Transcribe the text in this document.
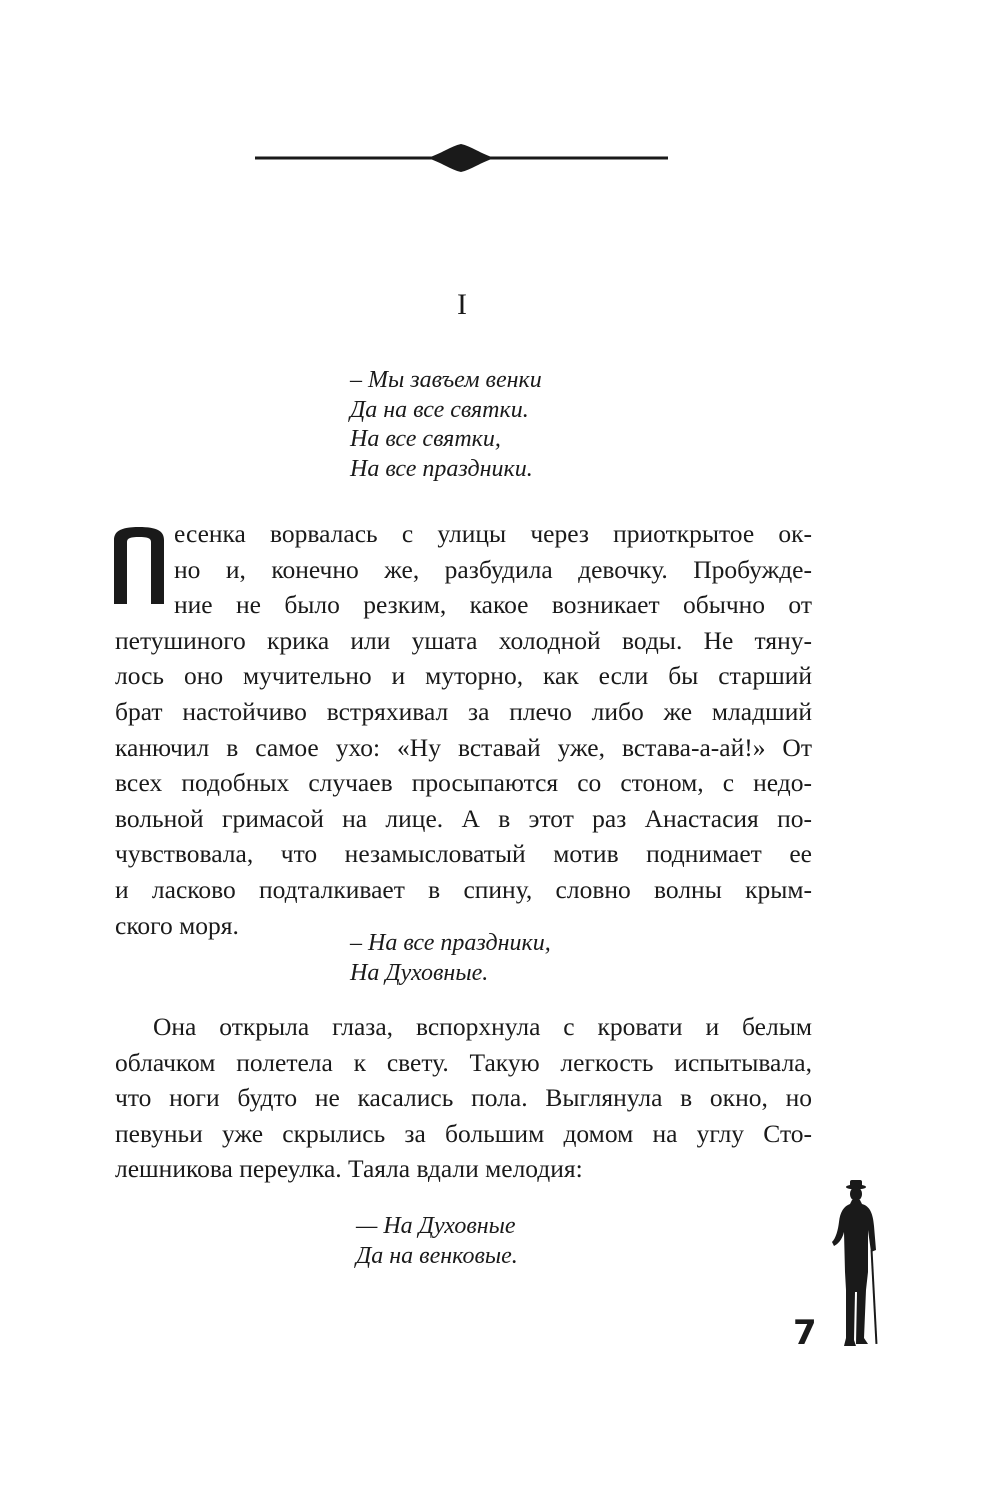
I
– Мы завъем венки
Да на все святки.
На все святки,
На все праздники.
есенка ворвалась с улицы через приоткрытое ок-
но и, конечно же, разбудила девочку. Пробужде-
ние не было резким, какое возникает обычно от
петушиного крика или ушата холодной воды. Не тяну-
лось оно мучительно и муторно, как если бы старший
брат настойчиво встряхивал за плечо либо же младший
канючил в самое ухо: «Ну вставай уже, встава-а-ай!» От
всех подобных случаев просыпаются со стоном, с недо-
вольной гримасой на лице. А в этот раз Анастасия по-
чувствовала, что незамысловатый мотив поднимает ее
и ласково подталкивает в спину, словно волны крым-
ского моря.
– На все праздники,
На Духовные.
Она открыла глаза, вспорхнула с кровати и белым
облачком полетела к свету. Такую легкость испытывала,
что ноги будто не касались пола. Выглянула в окно, но
певуньи уже скрылись за большим домом на углу Сто-
лешникова переулка. Таяла вдали мелодия:
— На Духовные
Да на венковые.
7
